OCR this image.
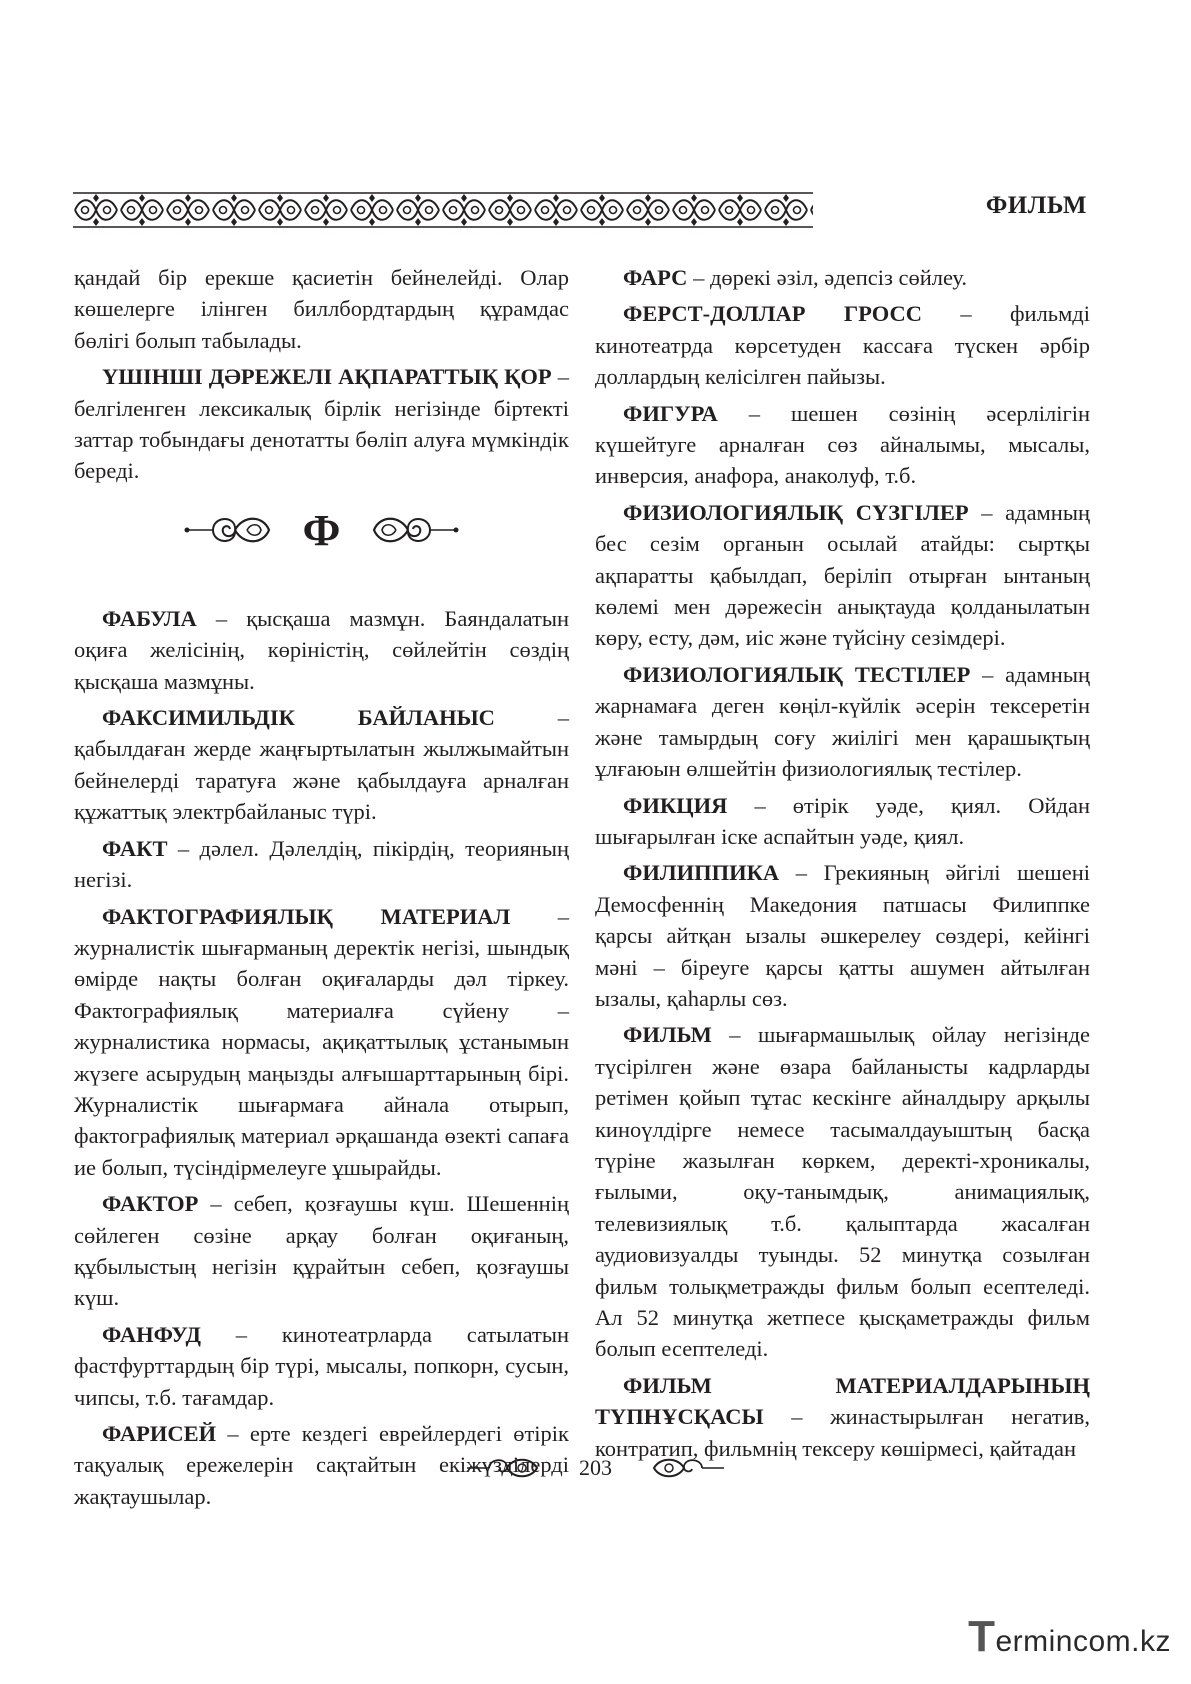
ФИЛЬМ

қандай бір ерекше қасиетін бейнелейді. Олар көшелерге ілінген биллбордтардың құрамдас бөлігі болып табылады.

ҮШІНШІ ДӘРЕЖЕЛІ АҚПАРАТТЫҚ ҚОР – белгіленген лексикалық бірлік негізінде біртекті заттар тобындағы денотатты бөліп алуға мүмкіндік береді.

ФАБУЛА – қысқаша мазмұн. Баяндалатын оқиға желісінің, көріністің, сөйлейтін сөздің қысқаша мазмұны.

ФАКСИМИЛЬДІК БАЙЛАНЫС – қабылдаған жерде жаңғыртылатын жылжымайтын бейнелерді таратуға және қабылдауға арналған құжаттық электрбайланыс түрі.

ФАКТ – дәлел. Дәлелдің, пікірдің, теорияның негізі.

ФАКТОГРАФИЯЛЫҚ МАТЕРИАЛ – журналистік шығарманың деректік негізі, шындық өмірде нақты болған оқиғаларды дәл тіркеу. Фактографиялық материалға сүйену – журналистика нормасы, ақиқаттылық ұстанымын жүзеге асырудың маңызды алғышарттарының бірі. Журналистік шығармаға айнала отырып, фактографиялық материал әрқашанда өзекті сапаға ие болып, түсіндірмелеуге ұшырайды.

ФАКТОР – себеп, қозғаушы күш. Шешеннің сөйлеген сөзіне арқау болған оқиғаның, құбылыстың негізін құрайтын себеп, қозғаушы күш.

ФАНФУД – кинотеатрларда сатылатын фастфурттардың бір түрі, мысалы, попкорн, сусын, чипсы, т.б. тағамдар.

ФАРИСЕЙ – ерте кездегі еврейлердегі өтірік тақуалық ережелерін сақтайтын екіжүзділерді жақтаушылар.

Ф

ФАРС – дөрекі әзіл, әдепсіз сөйлеу.

ФЕРСТ-ДОЛЛАР ГРОСС – фильмді кинотеатрда көрсетуден кассаға түскен әрбір доллардың келісілген пайызы.

ФИГУРА – шешен сөзінің әсерлілігін күшейтуге арналған сөз айналымы, мысалы, инверсия, анафора, анаколуф, т.б.

ФИЗИОЛОГИЯЛЫҚ СҮЗГІЛЕР – адамның бес сезім органын осылай атайды: сыртқы ақпаратты қабылдап, беріліп отырған ынтаның көлемі мен дәрежесін анықтауда қолданылатын көру, есту, дәм, иіс және түйсіну сезімдері.

ФИЗИОЛОГИЯЛЫҚ ТЕСТІЛЕР – адамның жарнамаға деген көңіл-күйлік әсерін тексеретін және тамырдың соғу жиілігі мен қарашықтың ұлғаюын өлшейтін физиологиялық тестілер.

ФИКЦИЯ – өтірік уәде, қиял. Ойдан шығарылған іске аспайтын уәде, қиял.

ФИЛИППИКА – Грекияның әйгілі шешені Демосфеннің Македония патшасы Филиппке қарсы айтқан ызалы әшкерелеу сөздері, кейінгі мәні – біреуге қарсы қатты ашумен айтылған ызалы, қаһарлы сөз.

ФИЛЬМ – шығармашылық ойлау негізінде түсірілген және өзара байланысты кадрларды ретімен қойып тұтас кескінге айналдыру арқылы киноүлдірге немесе тасымалдауыштың басқа түріне жазылған көркем, деректі-хроникалы, ғылыми, оқу-танымдық, анимациялық, телевизиялық т.б. қалыптарда жасалған аудиовизуалды туынды. 52 минутқа созылған фильм толықметражды фильм болып есептеледі. Ал 52 минутқа жетпесе қысқаметражды фильм болып есептеледі.

ФИЛЬМ МАТЕРИАЛДАРЫНЫҢ ТҮПНҰСҚАСЫ – жинастырылған негатив, контратип, фильмнің тексеру көшірмесі, қайтадан

203
Termincоm.kz
